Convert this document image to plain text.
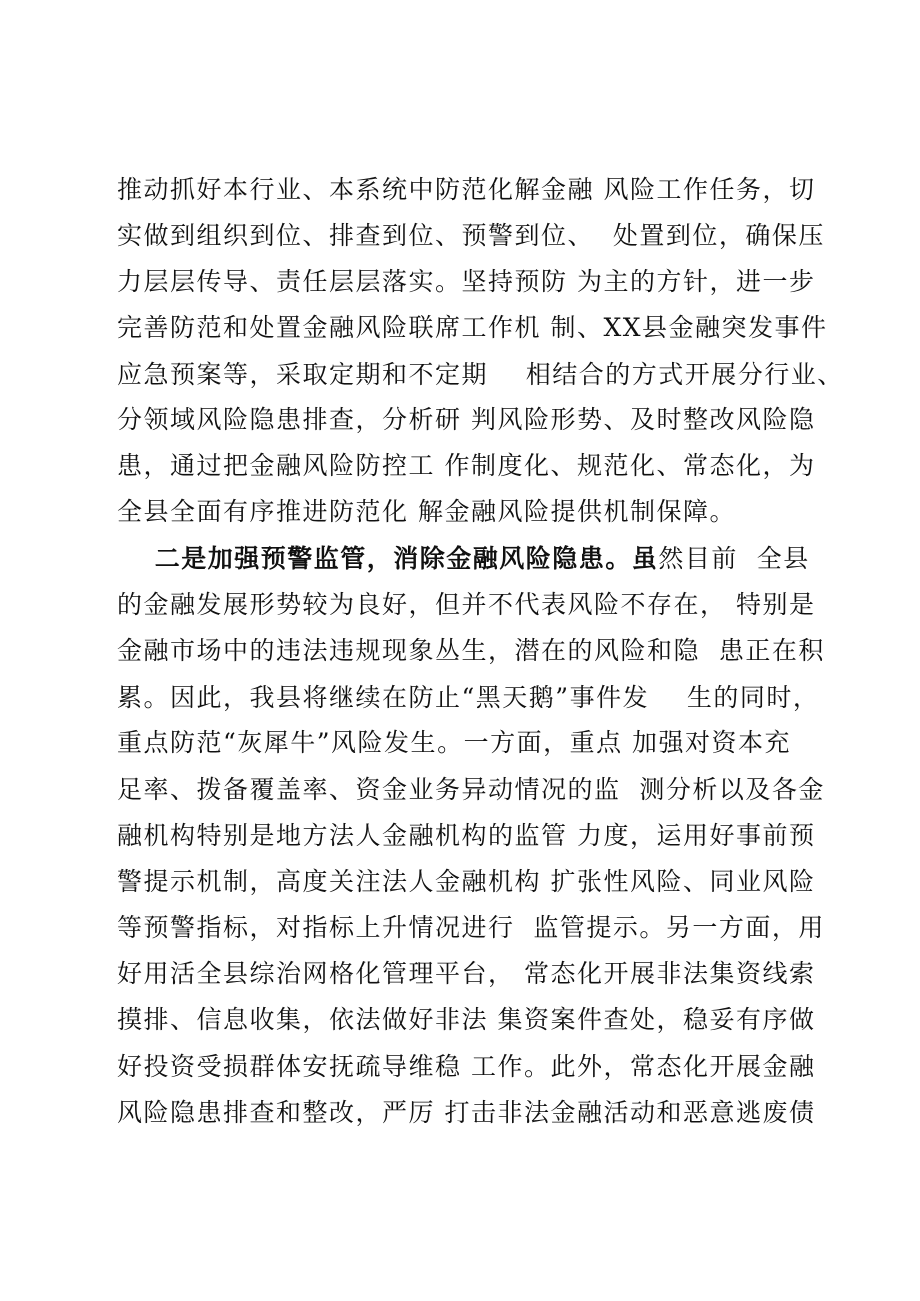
推动抓好本行业、本系统中防范化解金融 风险工作任务，切
实做到组织到位、排查到位、预警到位、  处置到位，确保压
力层层传导、责任层层落实。坚持预防 为主的方针，进一步
完善防范和处置金融风险联席工作机 制、XX县金融突发事件
应急预案等，采取定期和不定期    相结合的方式开展分行业、
分领域风险隐患排查，分析研 判风险形势、及时整改风险隐
患，通过把金融风险防控工 作制度化、规范化、常态化，为
全县全面有序推进防范化 解金融风险提供机制保障。
二是加强预警监管，消除金融风险隐患。虽然目前  全县
的金融发展形势较为良好，但并不代表风险不存在， 特别是
金融市场中的违法违规现象丛生，潜在的风险和隐  患正在积
累。因此，我县将继续在防止“黑天鹅”事件发    生的同时，
重点防范“灰犀牛”风险发生。一方面，重点 加强对资本充
足率、拨备覆盖率、资金业务异动情况的监  测分析以及各金
融机构特别是地方法人金融机构的监管 力度，运用好事前预
警提示机制，高度关注法人金融机构 扩张性风险、同业风险
等预警指标，对指标上升情况进行  监管提示。另一方面，用
好用活全县综治网格化管理平台， 常态化开展非法集资线索
摸排、信息收集，依法做好非法 集资案件查处，稳妥有序做
好投资受损群体安抚疏导维稳 工作。此外，常态化开展金融
风险隐患排查和整改，严厉 打击非法金融活动和恶意逃废债
